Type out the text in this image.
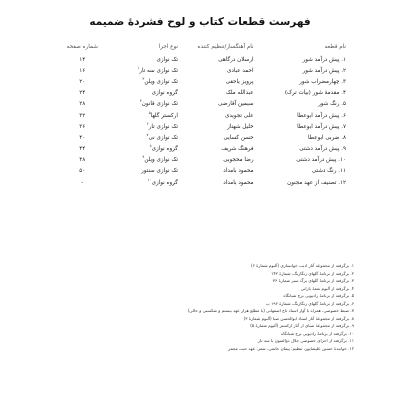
فهرست قطعات کتاب و لوح فشردهٔ ضمیمه
نام قطعه	نام آهنگساز/تنظیم کننده	نوع اجرا	شماره صفحه
۱. پیش درآمد شور	ارسلان درگاهی	تک نوازی	۱۴
۲. پیش درآمد شور	احمد عبادی	تک نوازی سه تار$^۱$	۱۶
۳. چهارمضراب شور	پرویز یاحقی	تک نوازی ویلن$^۳$	۲۰
۴. مقدمهٔ شور (بیات ترک)	عبدالله ملک	گروه نوازی	۲۴
۵. رنگ شور	سیمین آقارضی	تک نوازی قانون$^۴$	۲۸
۶. پیش درآمد ابوعطا	علی تجویدی	ارکستر گلها$^۵$	۳۲
۷. پیش درآمد ابوعطا	خلیل شهناز	تک نوازی تار$^۶$	۳۶
۸. ضربی ابوعطا	حسن کسایی	تک نوازی نی$^۷$	۴۰
۹. پیش درآمد دشتی	فرهنگ شریف	گروه نوازی$^۸$	۴۴
۱۰. پیش درآمد دشتی	رضا محجوبی	تک نوازی ویلن$^۹$	۴۸
۱۱. رنگ دشتی	محمود بامداد	تک نوازی سنتور	۵۰
۱۲. تصنیف از عهد مجنون	محمود بامداد	گروه نوازی$^{۱۰}$	-
۱. برگرفته از مجموعه آثار ادیب خوانساری (آلبوم شمارهٔ ۶)
۲. برگرفته از برنامهٔ گلهای رنگارنگ، شمارهٔ ۱۴۲
۳. برگرفته از برنامهٔ گلهای برگ سبز شمارهٔ ۳۶
۴. برگرفته از آلبوم نغمهٔ بارانی
۵. برگرفته از برنامهٔ رادیویی برج شبانگاه
۶. برگرفته از برنامهٔ گلهای رنگارنگ، شمارهٔ ۱۹۶ ب
۷. ضبط خصوصی، همراه با آواز استاد تاج اصفهانی (با مطلع هزار عهد ببستم و شکستی و حالی)
۸. برگرفته از مجموعهٔ آثار استاد ابوالحسن صبا (آلبوم شمارهٔ ۳)
۹. برگرفته از مجموعهٔ صبای از آثار ارکستر (آلبوم شمارهٔ ۵)
۱۰. برگرفته از برنامهٔ رادیویی برج شبانگاه
۱۱. برگرفته از اجرای خصوصی جلال ذوالفنون با سه تار
۱۲. خوانندهٔ حسین علیشاپور، تنظیم: پیمان حاتمی، شعر: عهد حبت محمر
